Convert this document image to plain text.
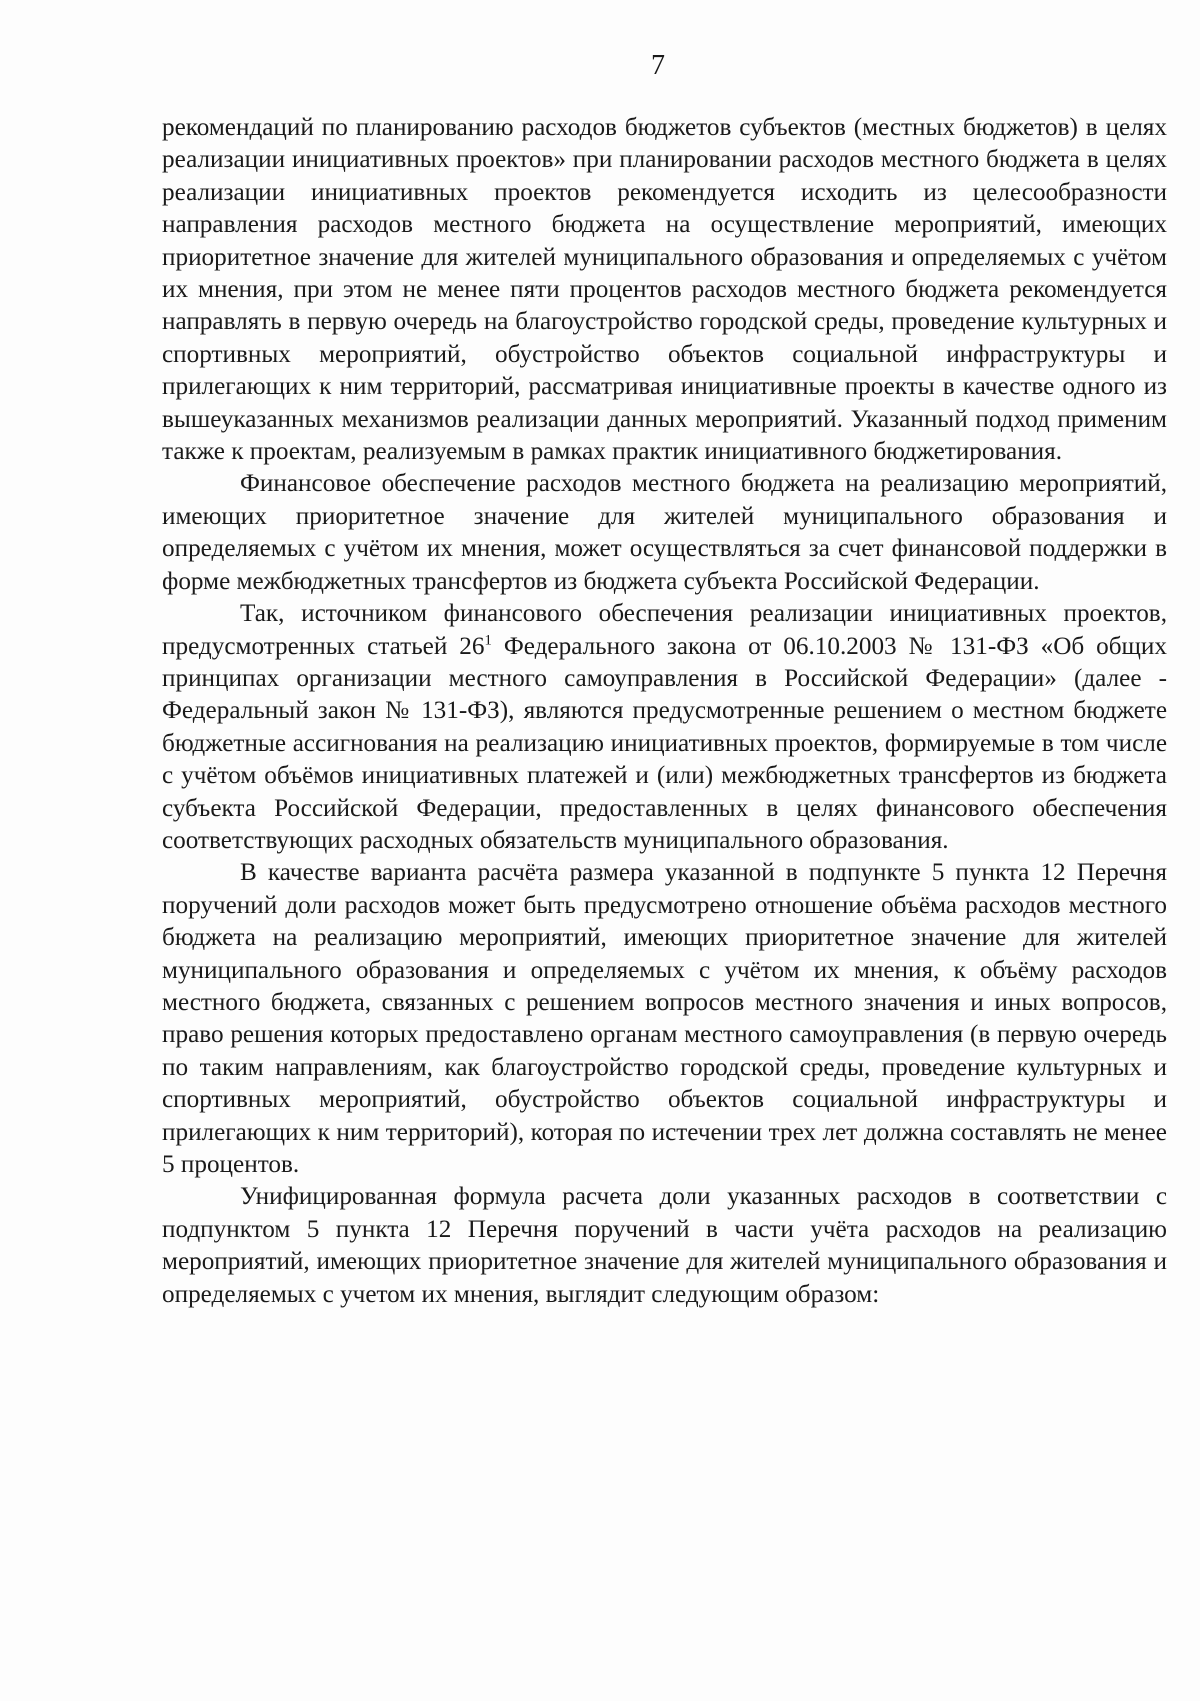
7

рекомендаций по планированию расходов бюджетов субъектов (местных бюджетов) в целях реализации инициативных проектов» при планировании расходов местного бюджета в целях реализации инициативных проектов рекомендуется исходить из целесообразности направления расходов местного бюджета на осуществление мероприятий, имеющих приоритетное значение для жителей муниципального образования и определяемых с учётом их мнения, при этом не менее пяти процентов расходов местного бюджета рекомендуется направлять в первую очередь на благоустройство городской среды, проведение культурных и спортивных мероприятий, обустройство объектов социальной инфраструктуры и прилегающих к ним территорий, рассматривая инициативные проекты в качестве одного из вышеуказанных механизмов реализации данных мероприятий. Указанный подход применим также к проектам, реализуемым в рамках практик инициативного бюджетирования.

Финансовое обеспечение расходов местного бюджета на реализацию мероприятий, имеющих приоритетное значение для жителей муниципального образования и определяемых с учётом их мнения, может осуществляться за счет финансовой поддержки в форме межбюджетных трансфертов из бюджета субъекта Российской Федерации.

Так, источником финансового обеспечения реализации инициативных проектов, предусмотренных статьей $26^1$ Федерального закона от 06.10.2003 № 131-ФЗ «Об общих принципах организации местного самоуправления в Российской Федерации» (далее - Федеральный закон № 131-ФЗ), являются предусмотренные решением о местном бюджете бюджетные ассигнования на реализацию инициативных проектов, формируемые в том числе с учётом объёмов инициативных платежей и (или) межбюджетных трансфертов из бюджета субъекта Российской Федерации, предоставленных в целях финансового обеспечения соответствующих расходных обязательств муниципального образования.

В качестве варианта расчёта размера указанной в подпункте 5 пункта 12 Перечня поручений доли расходов может быть предусмотрено отношение объёма расходов местного бюджета на реализацию мероприятий, имеющих приоритетное значение для жителей муниципального образования и определяемых с учётом их мнения, к объёму расходов местного бюджета, связанных с решением вопросов местного значения и иных вопросов, право решения которых предоставлено органам местного самоуправления (в первую очередь по таким направлениям, как благоустройство городской среды, проведение культурных и спортивных мероприятий, обустройство объектов социальной инфраструктуры и прилегающих к ним территорий), которая по истечении трех лет должна составлять не менее 5 процентов.

Унифицированная формула расчета доли указанных расходов в соответствии с подпунктом 5 пункта 12 Перечня поручений в части учёта расходов на реализацию мероприятий, имеющих приоритетное значение для жителей муниципального образования и определяемых с учетом их мнения, выглядит следующим образом:
